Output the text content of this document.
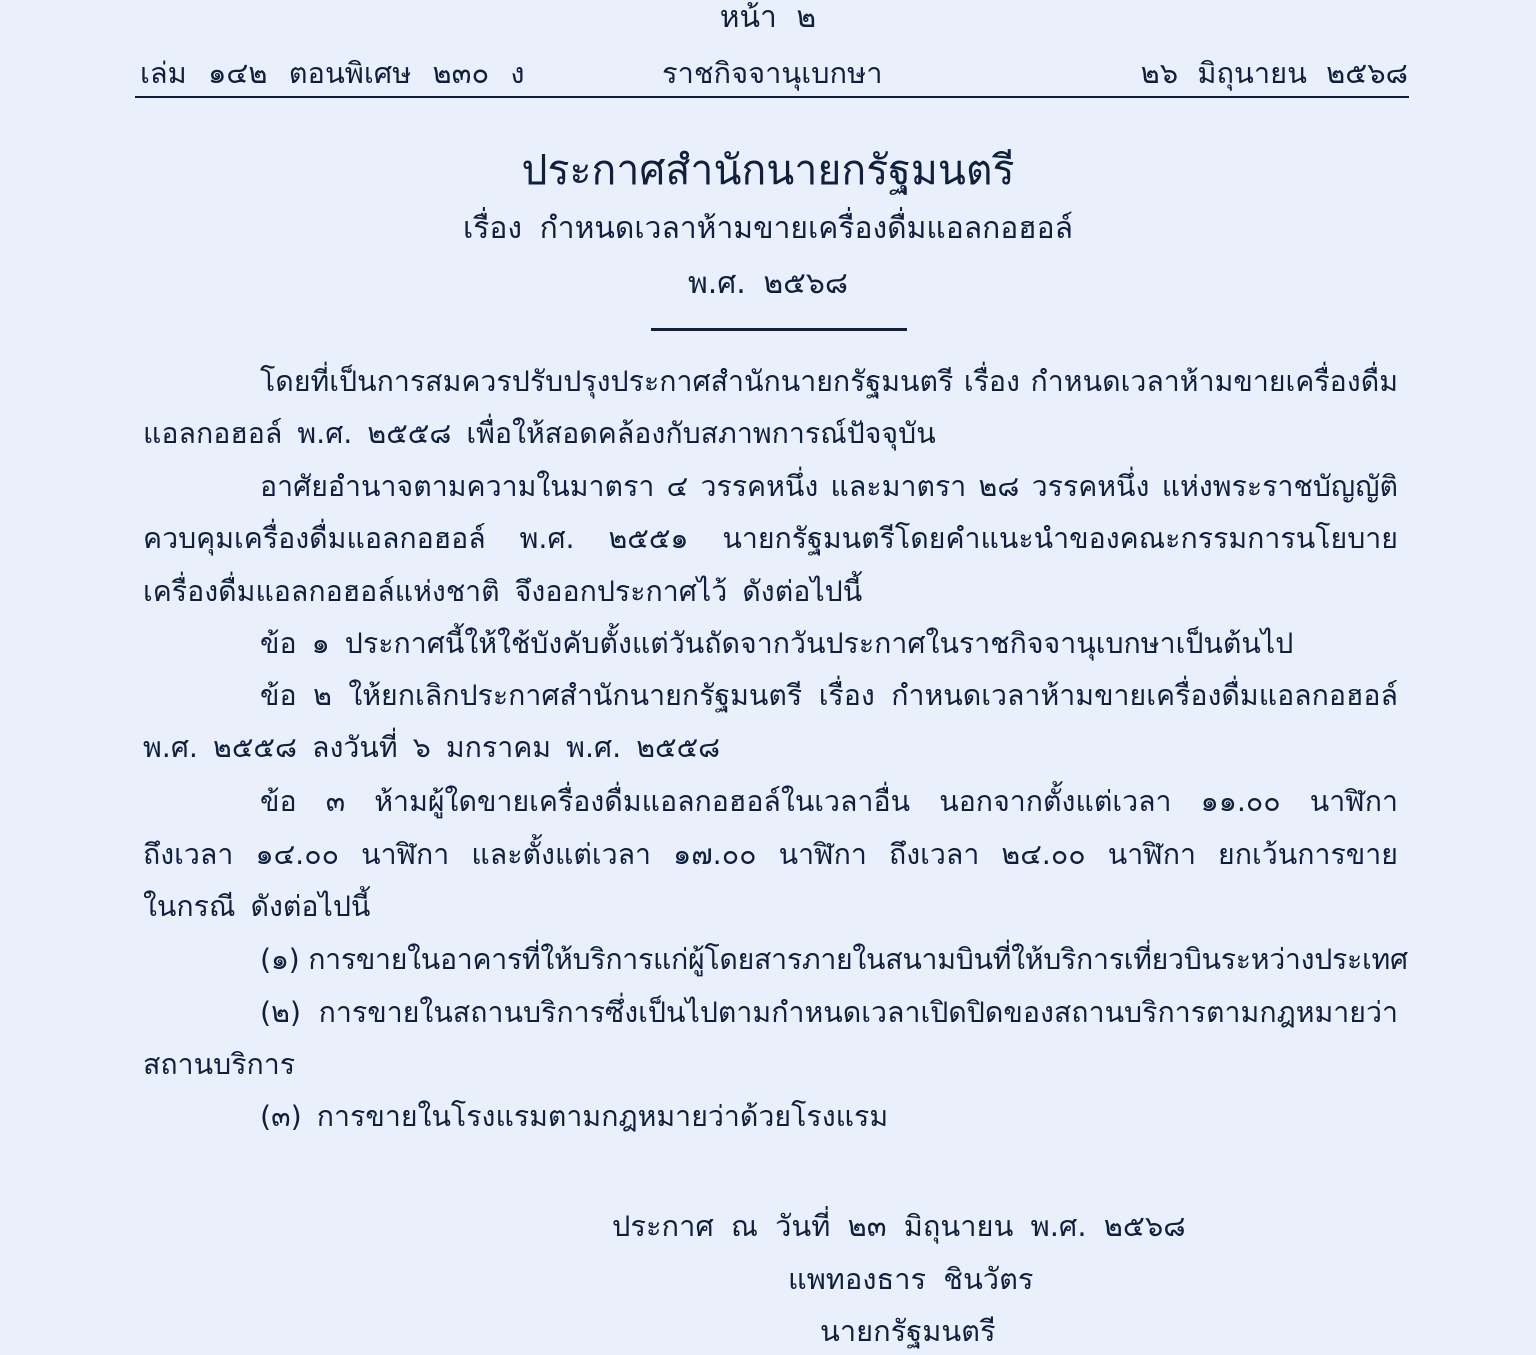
หน้า ๒
เล่ม ๑๔๒ ตอนพิเศษ ๒๓๐ ง	ราชกิจจานุเบกษา	๒๖ มิถุนายน ๒๕๖๘
ประกาศสำนักนายกรัฐมนตรี
เรื่อง กำหนดเวลาห้ามขายเครื่องดื่มแอลกอฮอล์
พ.ศ. ๒๕๖๘
โดยที่เป็นการสมควรปรับปรุงประกาศสำนักนายกรัฐมนตรี เรื่อง กำหนดเวลาห้ามขายเครื่องดื่ม
แอลกอฮอล์ พ.ศ. ๒๕๕๘ เพื่อให้สอดคล้องกับสภาพการณ์ปัจจุบัน
อาศัยอำนาจตามความในมาตรา ๔ วรรคหนึ่ง และมาตรา ๒๘ วรรคหนึ่ง แห่งพระราชบัญญัติ
ควบคุมเครื่องดื่มแอลกอฮอล์ พ.ศ. ๒๕๕๑ นายกรัฐมนตรีโดยคำแนะนำของคณะกรรมการนโยบาย
เครื่องดื่มแอลกอฮอล์แห่งชาติ จึงออกประกาศไว้ ดังต่อไปนี้
ข้อ ๑ ประกาศนี้ให้ใช้บังคับตั้งแต่วันถัดจากวันประกาศในราชกิจจานุเบกษาเป็นต้นไป
ข้อ ๒ ให้ยกเลิกประกาศสำนักนายกรัฐมนตรี เรื่อง กำหนดเวลาห้ามขายเครื่องดื่มแอลกอฮอล์
พ.ศ. ๒๕๕๘ ลงวันที่ ๖ มกราคม พ.ศ. ๒๕๕๘
ข้อ ๓ ห้ามผู้ใดขายเครื่องดื่มแอลกอฮอล์ในเวลาอื่น นอกจากตั้งแต่เวลา ๑๑.๐๐ นาฬิกา
ถึงเวลา ๑๔.๐๐ นาฬิกา และตั้งแต่เวลา ๑๗.๐๐ นาฬิกา ถึงเวลา ๒๔.๐๐ นาฬิกา ยกเว้นการขาย
ในกรณี ดังต่อไปนี้
(๑) การขายในอาคารที่ให้บริการแก่ผู้โดยสารภายในสนามบินที่ให้บริการเที่ยวบินระหว่างประเทศ
(๒) การขายในสถานบริการซึ่งเป็นไปตามกำหนดเวลาเปิดปิดของสถานบริการตามกฎหมายว่า
สถานบริการ
(๓) การขายในโรงแรมตามกฎหมายว่าด้วยโรงแรม
ประกาศ ณ วันที่ ๒๓ มิถุนายน พ.ศ. ๒๕๖๘
แพทองธาร ชินวัตร
นายกรัฐมนตรี
